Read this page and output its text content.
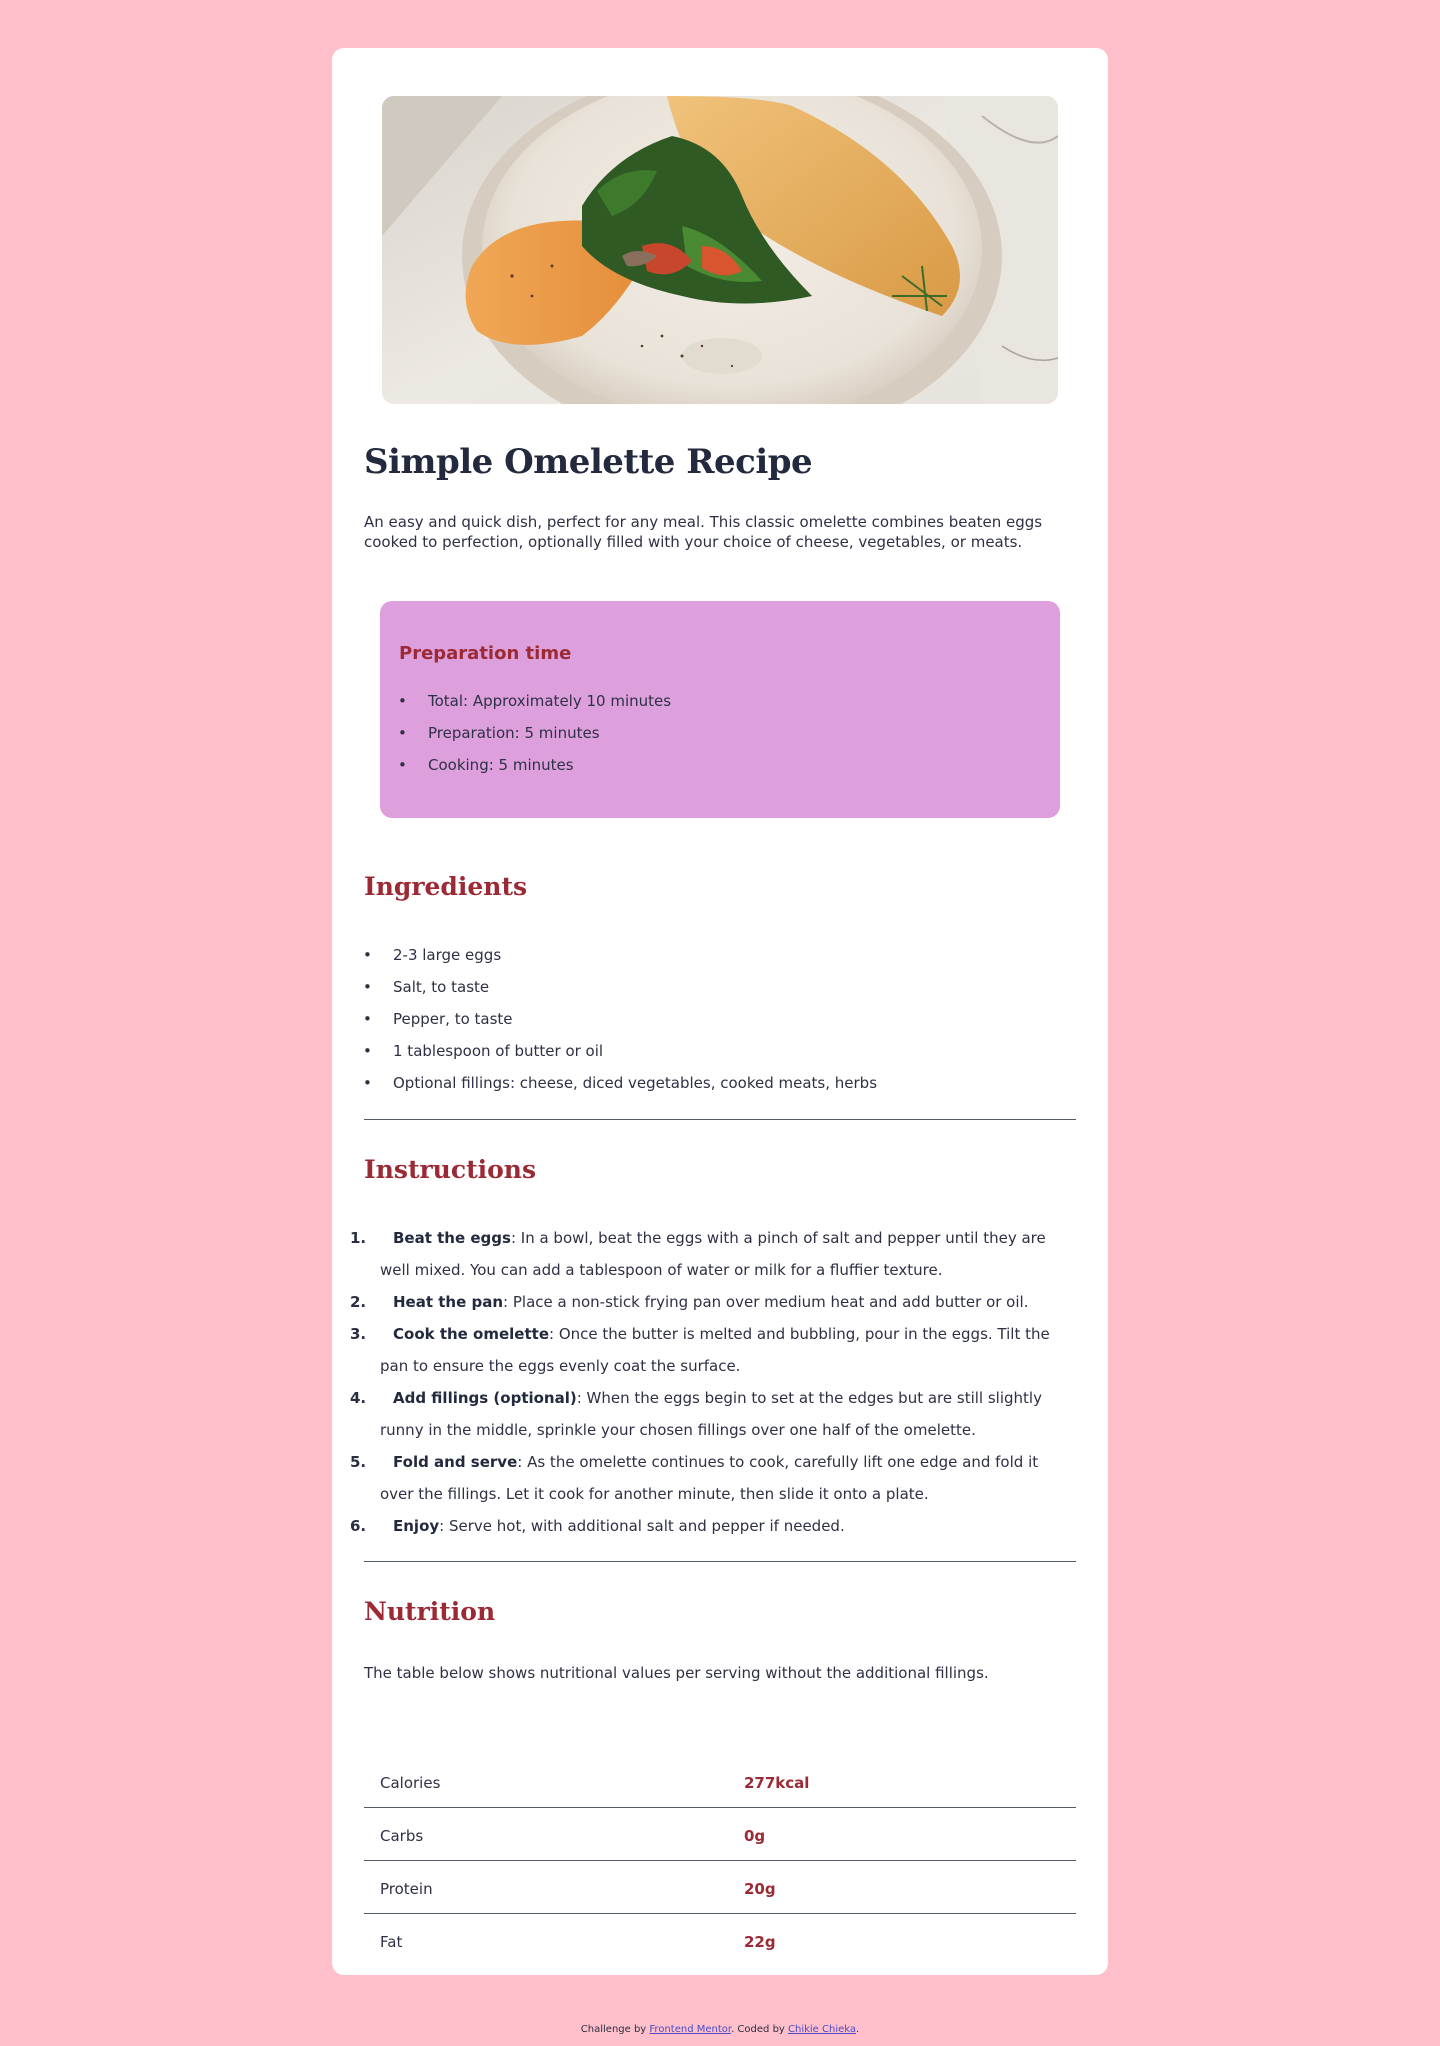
Simple Omelette Recipe

An easy and quick dish, perfect for any meal. This classic omelette combines beaten eggs cooked to perfection, optionally filled with your choice of cheese, vegetables, or meats.

Preparation time
• Total: Approximately 10 minutes
• Preparation: 5 minutes
• Cooking: 5 minutes
Ingredients
• 2-3 large eggs
• Salt, to taste
• Pepper, to taste
• 1 tablespoon of butter or oil
• Optional fillings: cheese, diced vegetables, cooked meats, herbs
Instructions
1. Beat the eggs: In a bowl, beat the eggs with a pinch of salt and pepper until they are well mixed. You can add a tablespoon of water or milk for a fluffier texture.
2. Heat the pan: Place a non-stick frying pan over medium heat and add butter or oil.
3. Cook the omelette: Once the butter is melted and bubbling, pour in the eggs. Tilt the pan to ensure the eggs evenly coat the surface.
4. Add fillings (optional): When the eggs begin to set at the edges but are still slightly runny in the middle, sprinkle your chosen fillings over one half of the omelette.
5. Fold and serve: As the omelette continues to cook, carefully lift one edge and fold it over the fillings. Let it cook for another minute, then slide it onto a plate.
6. Enjoy: Serve hot, with additional salt and pepper if needed.
Nutrition

The table below shows nutritional values per serving without the additional fillings.

Calories	277kcal
Carbs	0g
Protein	20g
Fat	22g
Challenge by Frontend Mentor. Coded by Chikie Chieka.
